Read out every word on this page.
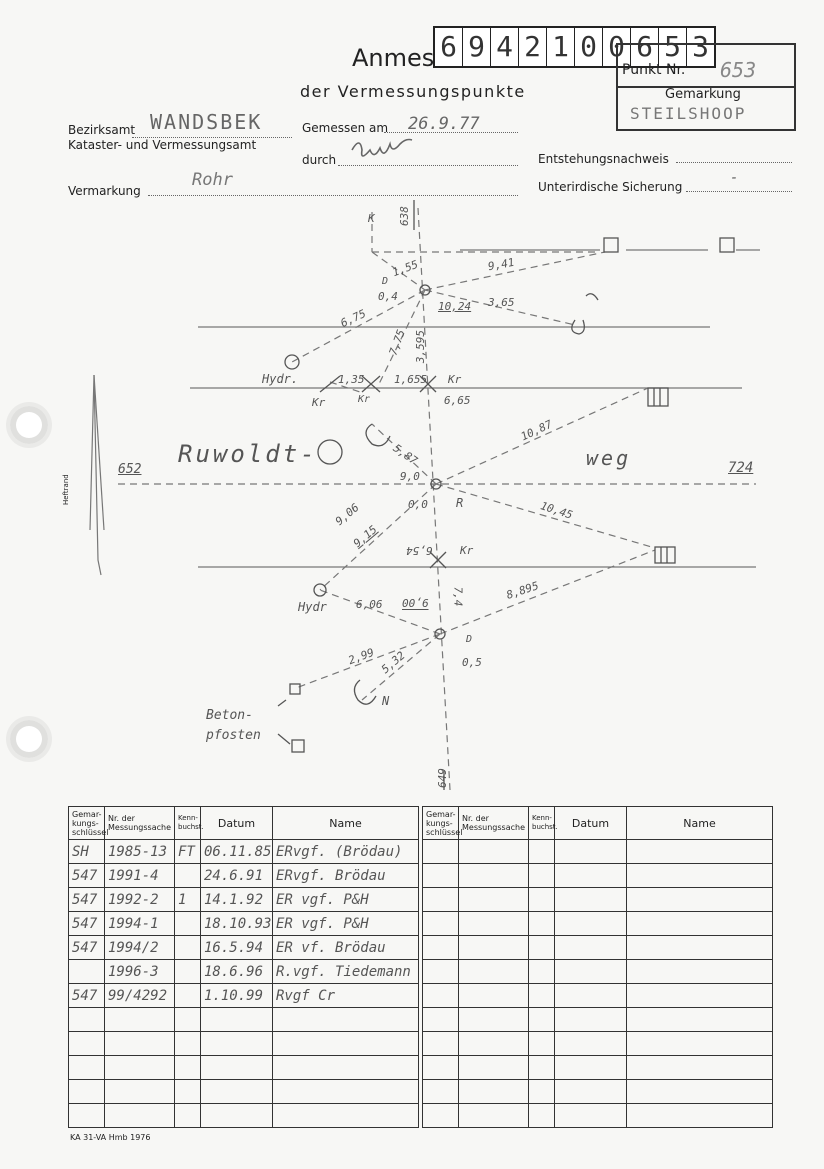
6 9 4 2 1 0 0 6 5 3
Anmes
der Vermessungspunkte
Punkt Nr. 653
Gemarkung
STEILSHOOP
Bezirksamt WANDSBEK
Kataster- und Vermessungsamt
Gemessen am 26.9.77
durch	Entstehungsnachweis
Vermarkung
Rohr	Unterirdische Sicherung
-
Heftrand
Ruwoldt-	weg
652	724
638
649
K
1,55	9,41
D
0,4
10,24 3,65
6,75
7,75 3,595
Hydr.	1,35	1,655 Kr
Kr	Kr	6,65
10,87
5,87
9,0
9,06	0,0 R
9,15
10,45
6,54	Kr
Hydr	6,06 9,00 7,4	8,895
D
0,5
2,99 5,32
N
Beton-
pfosten
Gemar-kungs-schlüssel	Nr. der Messungssache	Kenn-buchst.	Datum	Name
SH	1985-13	FT	06.11.85	ERvgf. (Brödau)
547	1991-4		24.6.91	ERvgf. Brödau
547	1992-2	1	14.1.92	ER vgf. P&H
547	1994-1		18.10.93	ER vgf. P&H
547	1994/2		16.5.94	ER vf. Brödau
	1996-3		18.6.96	R.vgf. Tiedemann
547	99/4292		1.10.99	Rvgf Cr

Gemar-kungs-schlüssel	Nr. der Messungssache	Kenn-buchst.	Datum	Name

KA 31-VA Hmb 1976
